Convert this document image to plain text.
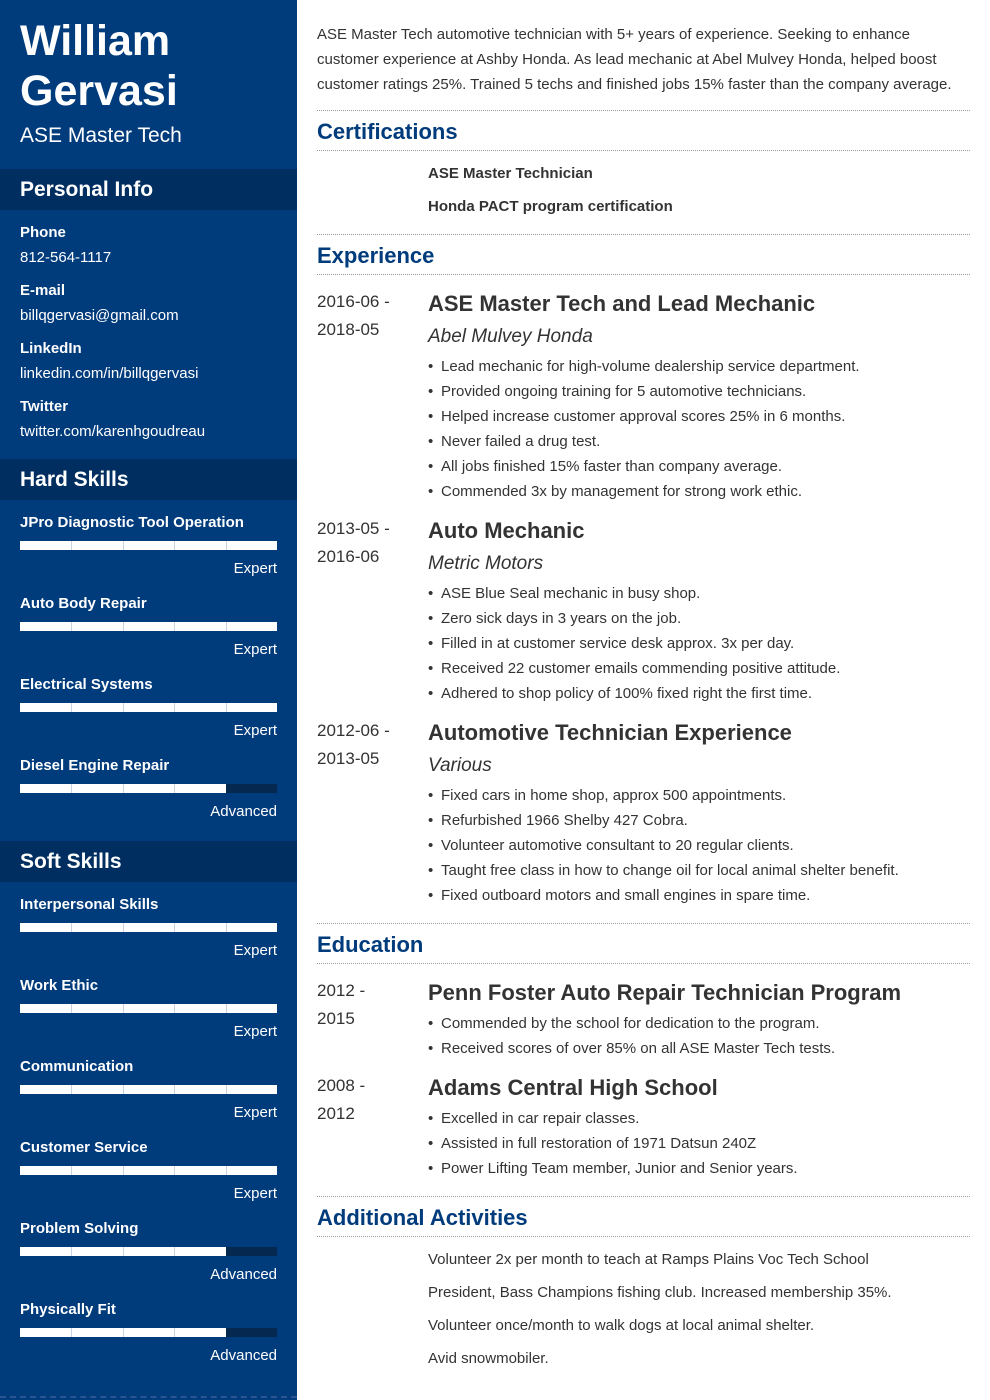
William
Gervasi
ASE Master Tech
Personal Info
Phone
812-564-1117
E-mail
billqgervasi@gmail.com
LinkedIn
linkedin.com/in/billqgervasi
Twitter
twitter.com/karenhgoudreau
Hard Skills
JPro Diagnostic Tool Operation
Expert
Auto Body Repair
Expert
Electrical Systems
Expert
Diesel Engine Repair
Advanced
Soft Skills
Interpersonal Skills
Expert
Work Ethic
Expert
Communication
Expert
Customer Service
Expert
Problem Solving
Advanced
Physically Fit
Advanced

ASE Master Tech automotive technician with 5+ years of experience. Seeking to enhance customer experience at Ashby Honda. As lead mechanic at Abel Mulvey Honda, helped boost customer ratings 25%. Trained 5 techs and finished jobs 15% faster than the company average.

Certifications
ASE Master Technician
Honda PACT program certification
Experience
2016-06 -
2018-05
ASE Master Tech and Lead Mechanic
Abel Mulvey Honda
• Lead mechanic for high-volume dealership service department.
• Provided ongoing training for 5 automotive technicians.
• Helped increase customer approval scores 25% in 6 months.
• Never failed a drug test.
• All jobs finished 15% faster than company average.
• Commended 3x by management for strong work ethic.
2013-05 -
2016-06
Auto Mechanic
Metric Motors
• ASE Blue Seal mechanic in busy shop.
• Zero sick days in 3 years on the job.
• Filled in at customer service desk approx. 3x per day.
• Received 22 customer emails commending positive attitude.
• Adhered to shop policy of 100% fixed right the first time.
2012-06 -
2013-05
Automotive Technician Experience
Various
• Fixed cars in home shop, approx 500 appointments.
• Refurbished 1966 Shelby 427 Cobra.
• Volunteer automotive consultant to 20 regular clients.
• Taught free class in how to change oil for local animal shelter benefit.
• Fixed outboard motors and small engines in spare time.
Education
2012 -
2015
Penn Foster Auto Repair Technician Program
• Commended by the school for dedication to the program.
• Received scores of over 85% on all ASE Master Tech tests.
2008 -
2012
Adams Central High School
• Excelled in car repair classes.
• Assisted in full restoration of 1971 Datsun 240Z
• Power Lifting Team member, Junior and Senior years.
Additional Activities
Volunteer 2x per month to teach at Ramps Plains Voc Tech School
President, Bass Champions fishing club. Increased membership 35%.
Volunteer once/month to walk dogs at local animal shelter.
Avid snowmobiler.
